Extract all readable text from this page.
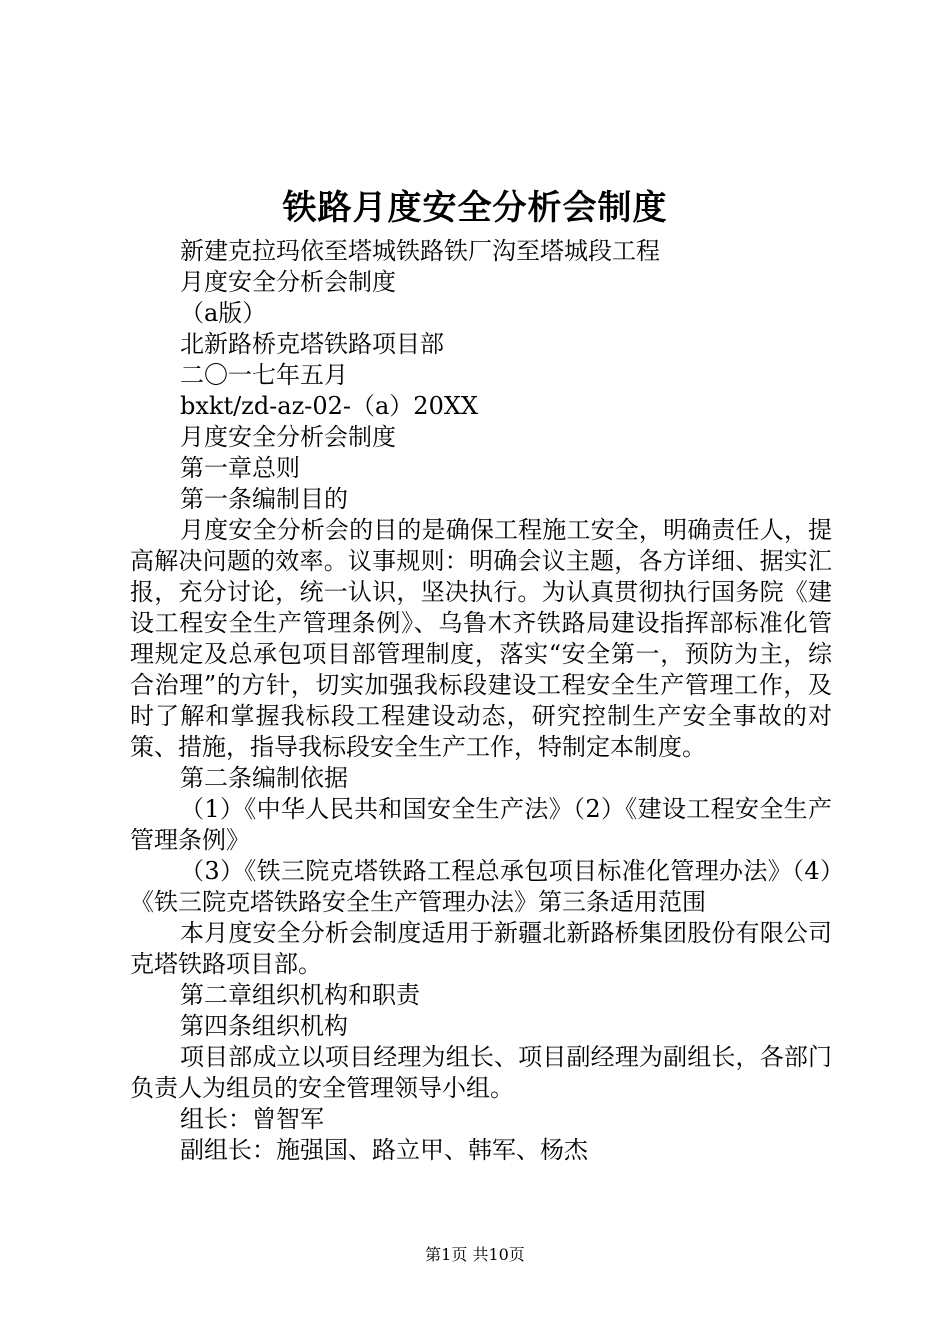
铁路月度安全分析会制度

新建克拉玛依至塔城铁路铁厂沟至塔城段工程

月度安全分析会制度

（a版）

北新路桥克塔铁路项目部

二〇一七年五月

bxkt/zd-az-02-（a）20XX

月度安全分析会制度

第一章总则

第一条编制目的

月度安全分析会的目的是确保工程施工安全，明确责任人，提高解决问题的效率。议事规则：明确会议主题，各方详细、据实汇报，充分讨论，统一认识，坚决执行。为认真贯彻执行国务院《建设工程安全生产管理条例》、乌鲁木齐铁路局建设指挥部标准化管理规定及总承包项目部管理制度，落实“安全第一，预防为主，综合治理”的方针，切实加强我标段建设工程安全生产管理工作，及时了解和掌握我标段工程建设动态，研究控制生产安全事故的对策、措施，指导我标段安全生产工作，特制定本制度。

第二条编制依据

（1）《中华人民共和国安全生产法》（2）《建设工程安全生产管理条例》

（3）《铁三院克塔铁路工程总承包项目标准化管理办法》（4）《铁三院克塔铁路安全生产管理办法》第三条适用范围

本月度安全分析会制度适用于新疆北新路桥集团股份有限公司克塔铁路项目部。

第二章组织机构和职责

第四条组织机构

项目部成立以项目经理为组长、项目副经理为副组长，各部门负责人为组员的安全管理领导小组。

组长：曾智军

副组长：施强国、路立甲、韩军、杨杰

第1页 共10页
